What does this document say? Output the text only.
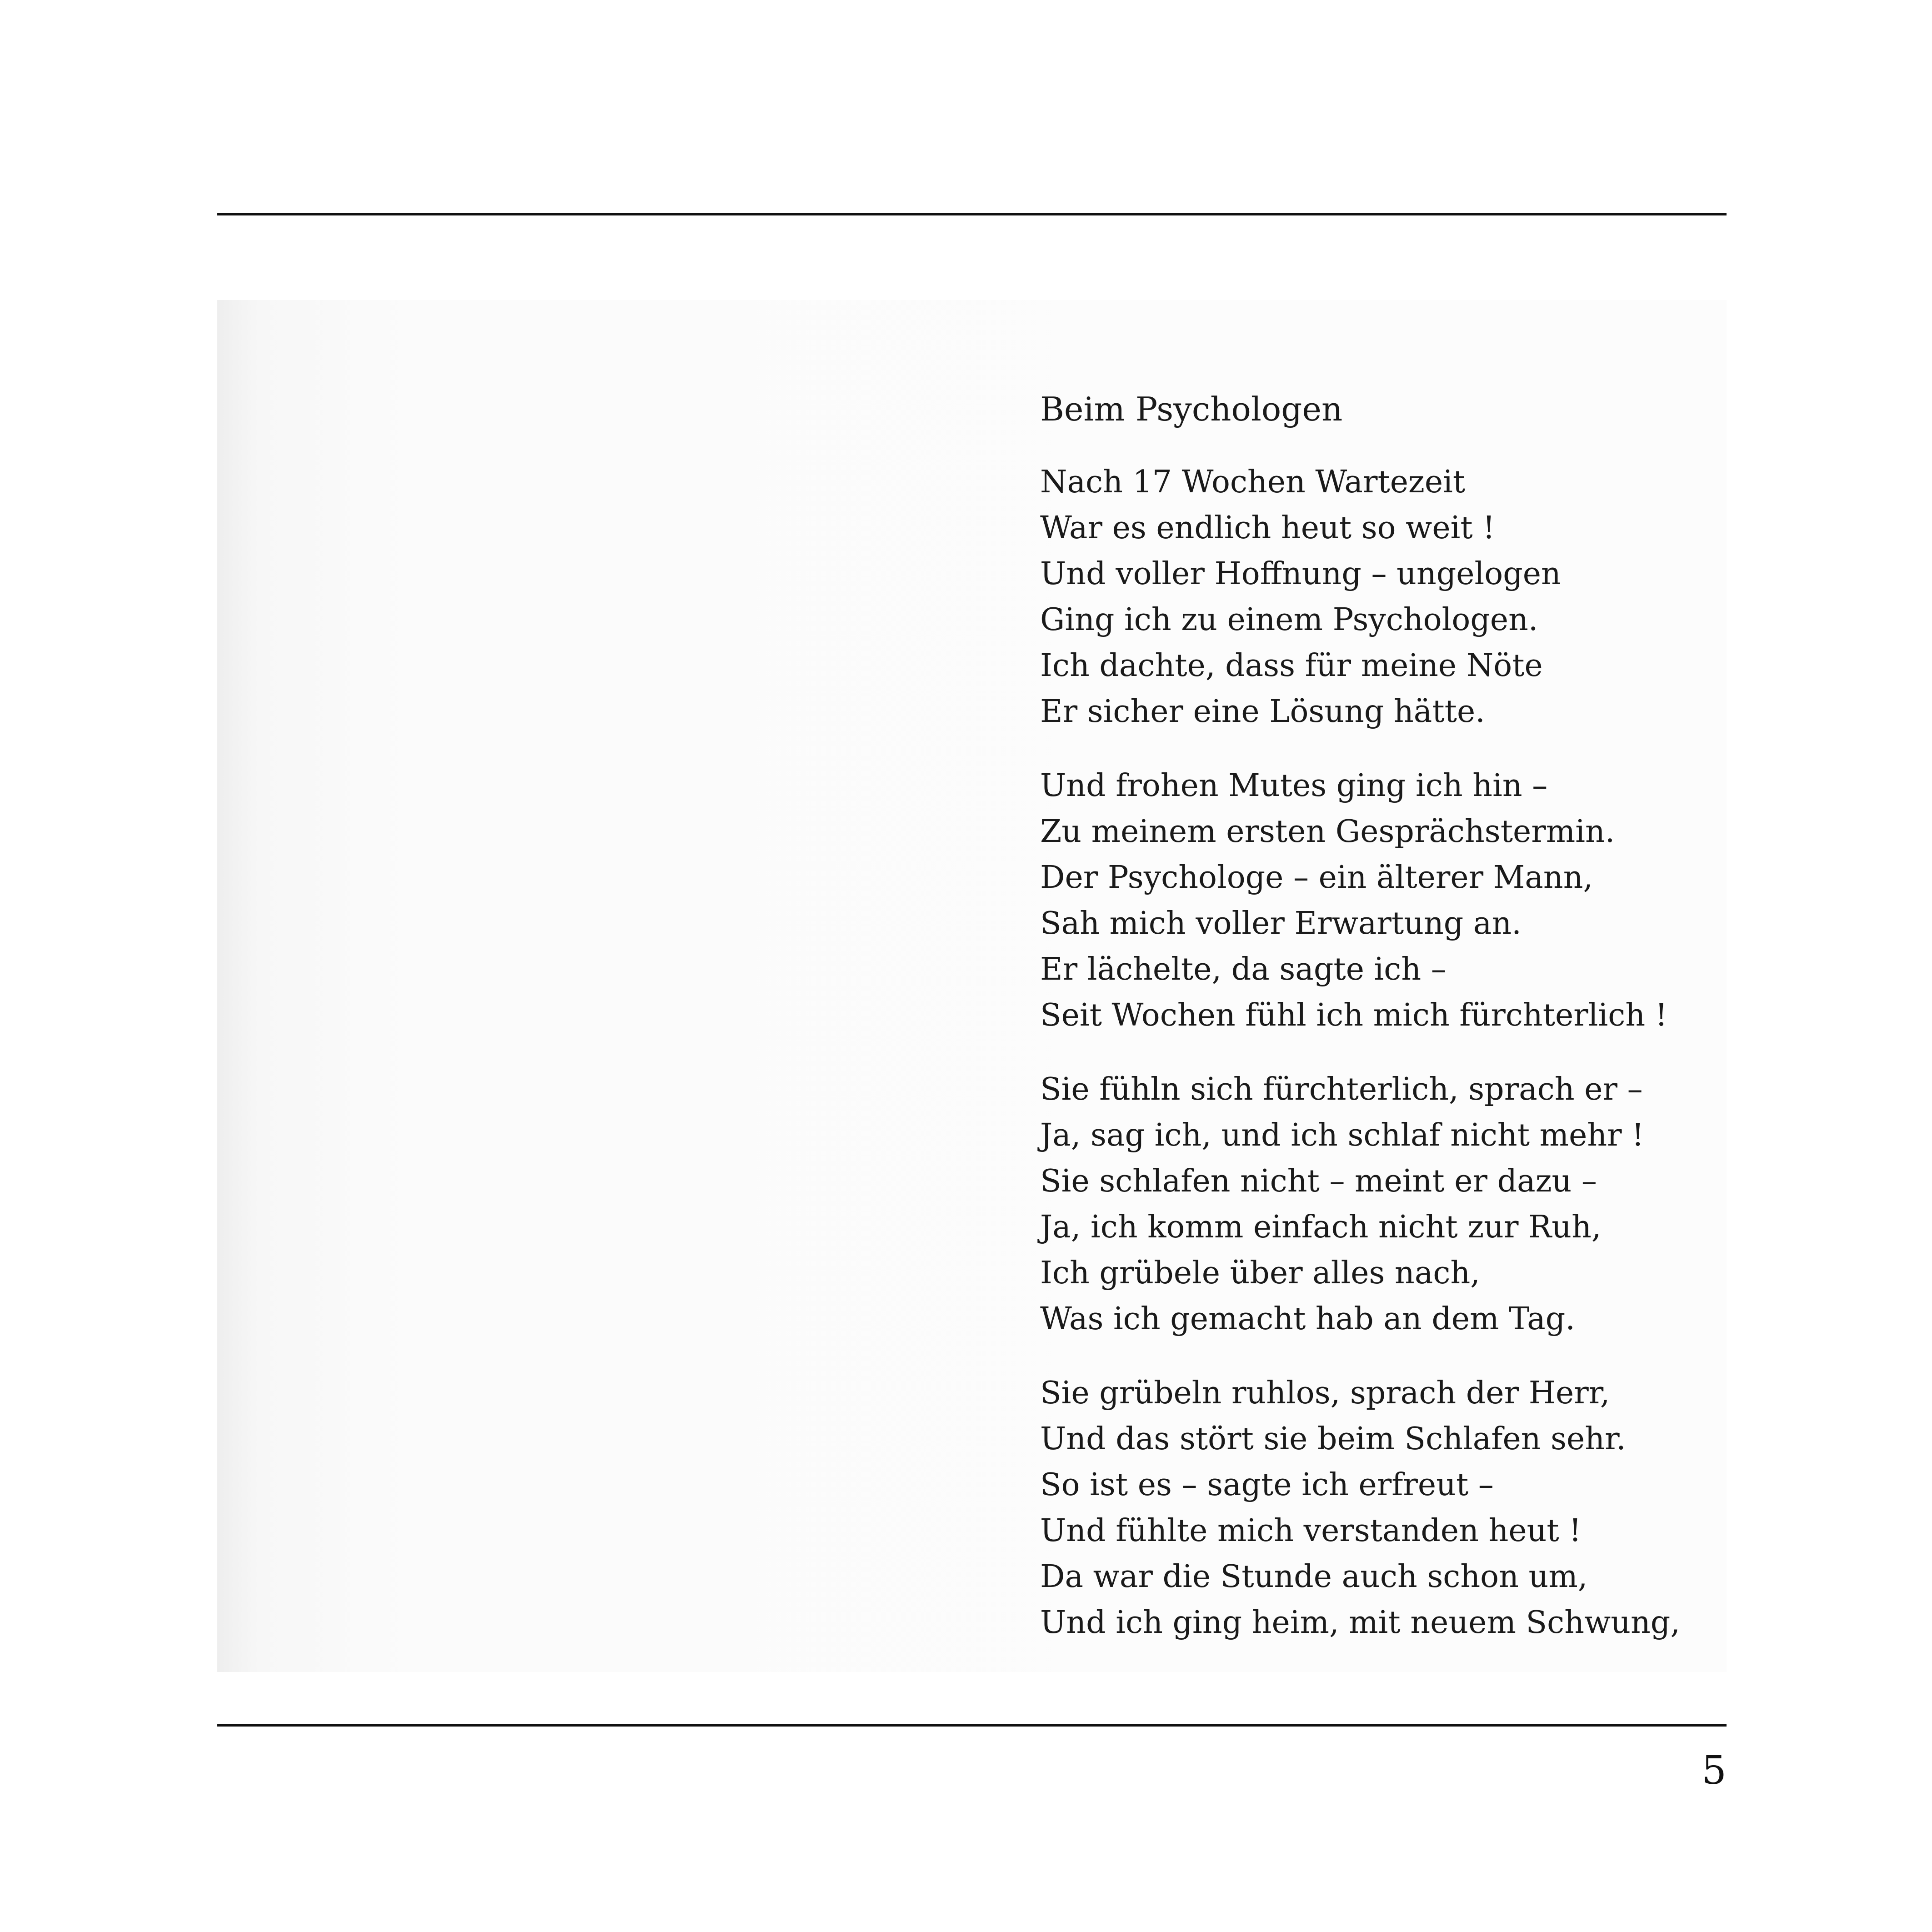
Beim Psychologen
Nach 17 Wochen Wartezeit
War es endlich heut so weit !
Und voller Hoffnung – ungelogen
Ging ich zu einem Psychologen.
Ich dachte, dass für meine Nöte
Er sicher eine Lösung hätte.
Und frohen Mutes ging ich hin –
Zu meinem ersten Gesprächstermin.
Der Psychologe – ein älterer Mann,
Sah mich voller Erwartung an.
Er lächelte, da sagte ich –
Seit Wochen fühl ich mich fürchterlich !
Sie fühln sich fürchterlich, sprach er –
Ja, sag ich, und ich schlaf nicht mehr !
Sie schlafen nicht – meint er dazu –
Ja, ich komm einfach nicht zur Ruh,
Ich grübele über alles nach,
Was ich gemacht hab an dem Tag.
Sie grübeln ruhlos, sprach der Herr,
Und das stört sie beim Schlafen sehr.
So ist es – sagte ich erfreut –
Und fühlte mich verstanden heut !
Da war die Stunde auch schon um,
Und ich ging heim, mit neuem Schwung,
5
